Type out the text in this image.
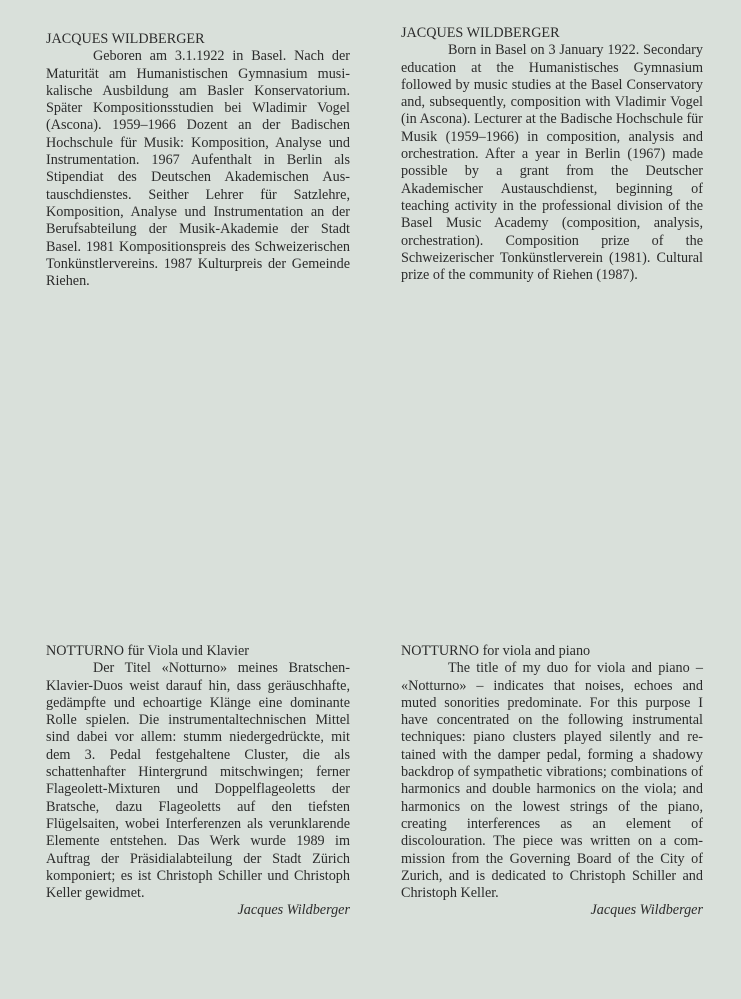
JACQUES WILDBERGER

Geboren am 3.1.1922 in Basel. Nach der Maturität am Humanistischen Gymnasium musikalische Ausbildung am Basler Konservatorium. Später Kompositionsstudien bei Wladimir Vogel (Ascona). 1959–1966 Dozent an der Badischen Hochschule für Musik: Komposition, Analyse und Instrumentation. 1967 Aufenthalt in Berlin als Stipendiat des Deutschen Akademischen Austauschdienstes. Seither Lehrer für Satzlehre, Komposition, Analyse und Instrumentation an der Berufsabteilung der Musik-Akademie der Stadt Basel. 1981 Kompositionspreis des Schweizerischen Tonkünstlervereins. 1987 Kulturpreis der Gemeinde Riehen.

JACQUES WILDBERGER

Born in Basel on 3 January 1922. Secondary education at the Humanistisches Gymnasium followed by music studies at the Basel Conservatory and, subsequently, composition with Vladimir Vogel (in Ascona). Lecturer at the Badische Hochschule für Musik (1959–1966) in composition, analysis and orchestration. After a year in Berlin (1967) made possible by a grant from the Deutscher Akademischer Austauschdienst, beginning of teaching activity in the professional division of the Basel Music Academy (composition, analysis, orchestration). Composition prize of the Schweizerischer Tonkünstlerverein (1981). Cultural prize of the community of Riehen (1987).

NOTTURNO für Viola und Klavier

Der Titel «Notturno» meines Bratschen-Klavier-Duos weist darauf hin, dass geräuschhafte, gedämpfte und echoartige Klänge eine dominante Rolle spielen. Die instrumentaltechnischen Mittel sind dabei vor allem: stumm niedergedrückte, mit dem 3. Pedal festgehaltene Cluster, die als schattenhafter Hintergrund mitschwingen; ferner Flageolett-Mixturen und Doppelflageoletts der Bratsche, dazu Flageoletts auf den tiefsten Flügelsaiten, wobei Interferenzen als verunklarende Elemente entstehen. Das Werk wurde 1989 im Auftrag der Präsidialabteilung der Stadt Zürich komponiert; es ist Christoph Schiller und Christoph Keller gewidmet.

Jacques Wildberger
NOTTURNO for viola and piano

The title of my duo for viola and piano – «Notturno» – indicates that noises, echoes and muted sonorities predominate. For this purpose I have concentrated on the following instrumental techniques: piano clusters played silently and retained with the damper pedal, forming a shadowy backdrop of sympathetic vibrations; combinations of harmonics and double harmonics on the viola; and harmonics on the lowest strings of the piano, creating interferences as an element of discolouration. The piece was written on a commission from the Governing Board of the City of Zurich, and is dedicated to Christoph Schiller and Christoph Keller.

Jacques Wildberger
